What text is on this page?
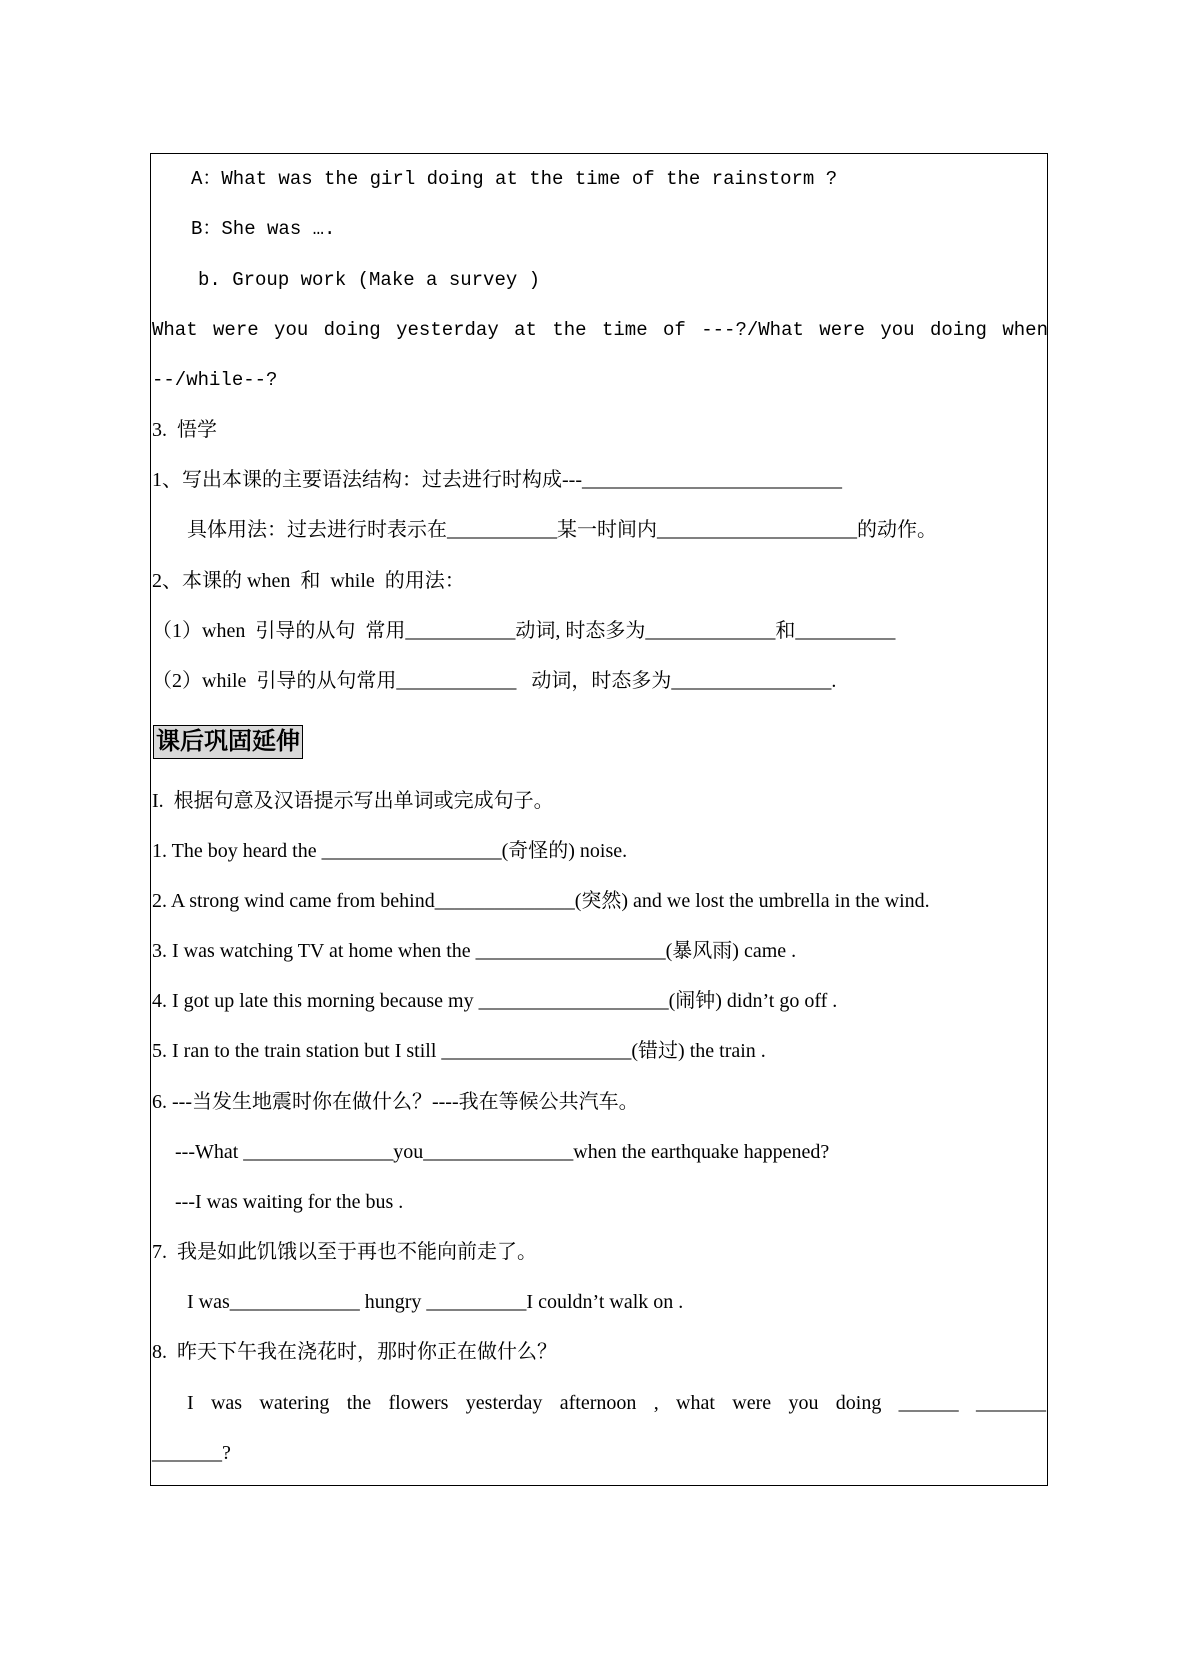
A：What was the girl doing at the time of the rainstorm ?
B：She was ….
b. Group work (Make a survey )
What were you doing yesterday at the time of ---?/What were you doing when
--/while--?
3.  悟学
1、写出本课的主要语法结构：过去进行时构成---__________________________
具体用法：过去进行时表示在___________某一时间内____________________的动作。
2、本课的 when  和  while  的用法：
（1）when  引导的从句  常用___________动词, 时态多为_____________和__________
（2）while  引导的从句常用____________   动词，时态多为________________.
课后巩固延伸
I.  根据句意及汉语提示写出单词或完成句子。
1. The boy heard the __________________(奇怪的) noise.
2. A strong wind came from behind______________(突然) and we lost the umbrella in the wind.
3. I was watching TV at home when the ___________________(暴风雨) came .
4. I got up late this morning because my ___________________(闹钟) didn’t go off .
5. I ran to the train station but I still ___________________(错过) the train .
6. ---当发生地震时你在做什么？----我在等候公共汽车。
---What _______________you_______________when the earthquake happened?
---I was waiting for the bus .
7.  我是如此饥饿以至于再也不能向前走了。
I was_____________ hungry __________I couldn’t walk on .
8.  昨天下午我在浇花时，那时你正在做什么？
I was watering the flowers yesterday afternoon , what were you doing ______ _______
_______?
